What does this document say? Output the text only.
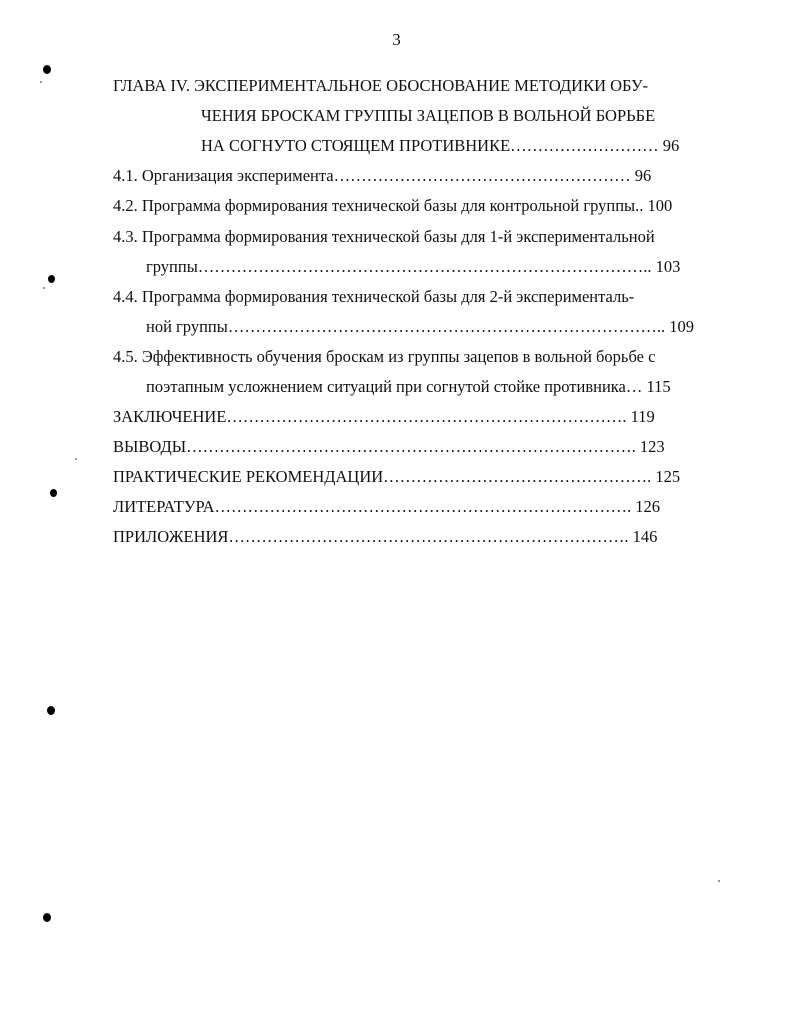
3
ГЛАВА IV. ЭКСПЕРИМЕНТАЛЬНОЕ ОБОСНОВАНИЕ МЕТОДИКИ ОБУ-
ЧЕНИЯ БРОСКАМ ГРУППЫ ЗАЦЕПОВ В ВОЛЬНОЙ БОРЬБЕ
НА СОГНУТО СТОЯЩЕМ ПРОТИВНИКЕ……………………… 96
4.1. Организация эксперимента……………………………………………… 96
4.2. Программа формирования технической базы для контрольной группы.. 100
4.3. Программа формирования технической базы для 1-й экспериментальной
группы……………………………………………………………………….. 103
4.4. Программа формирования технической базы для 2-й эксперименталь-
ной группы…………………………………………………………………….. 109
4.5. Эффективность обучения броскам из группы зацепов в вольной борьбе с
поэтапным усложнением ситуаций при согнутой стойке противника… 115
ЗАКЛЮЧЕНИЕ………………………………………………………………. 119
ВЫВОДЫ………………………………………………………………………. 123
ПРАКТИЧЕСКИЕ РЕКОМЕНДАЦИИ…………………………………………. 125
ЛИТЕРАТУРА…………………………………………………………………. 126
ПРИЛОЖЕНИЯ………………………………………………………………. 146
